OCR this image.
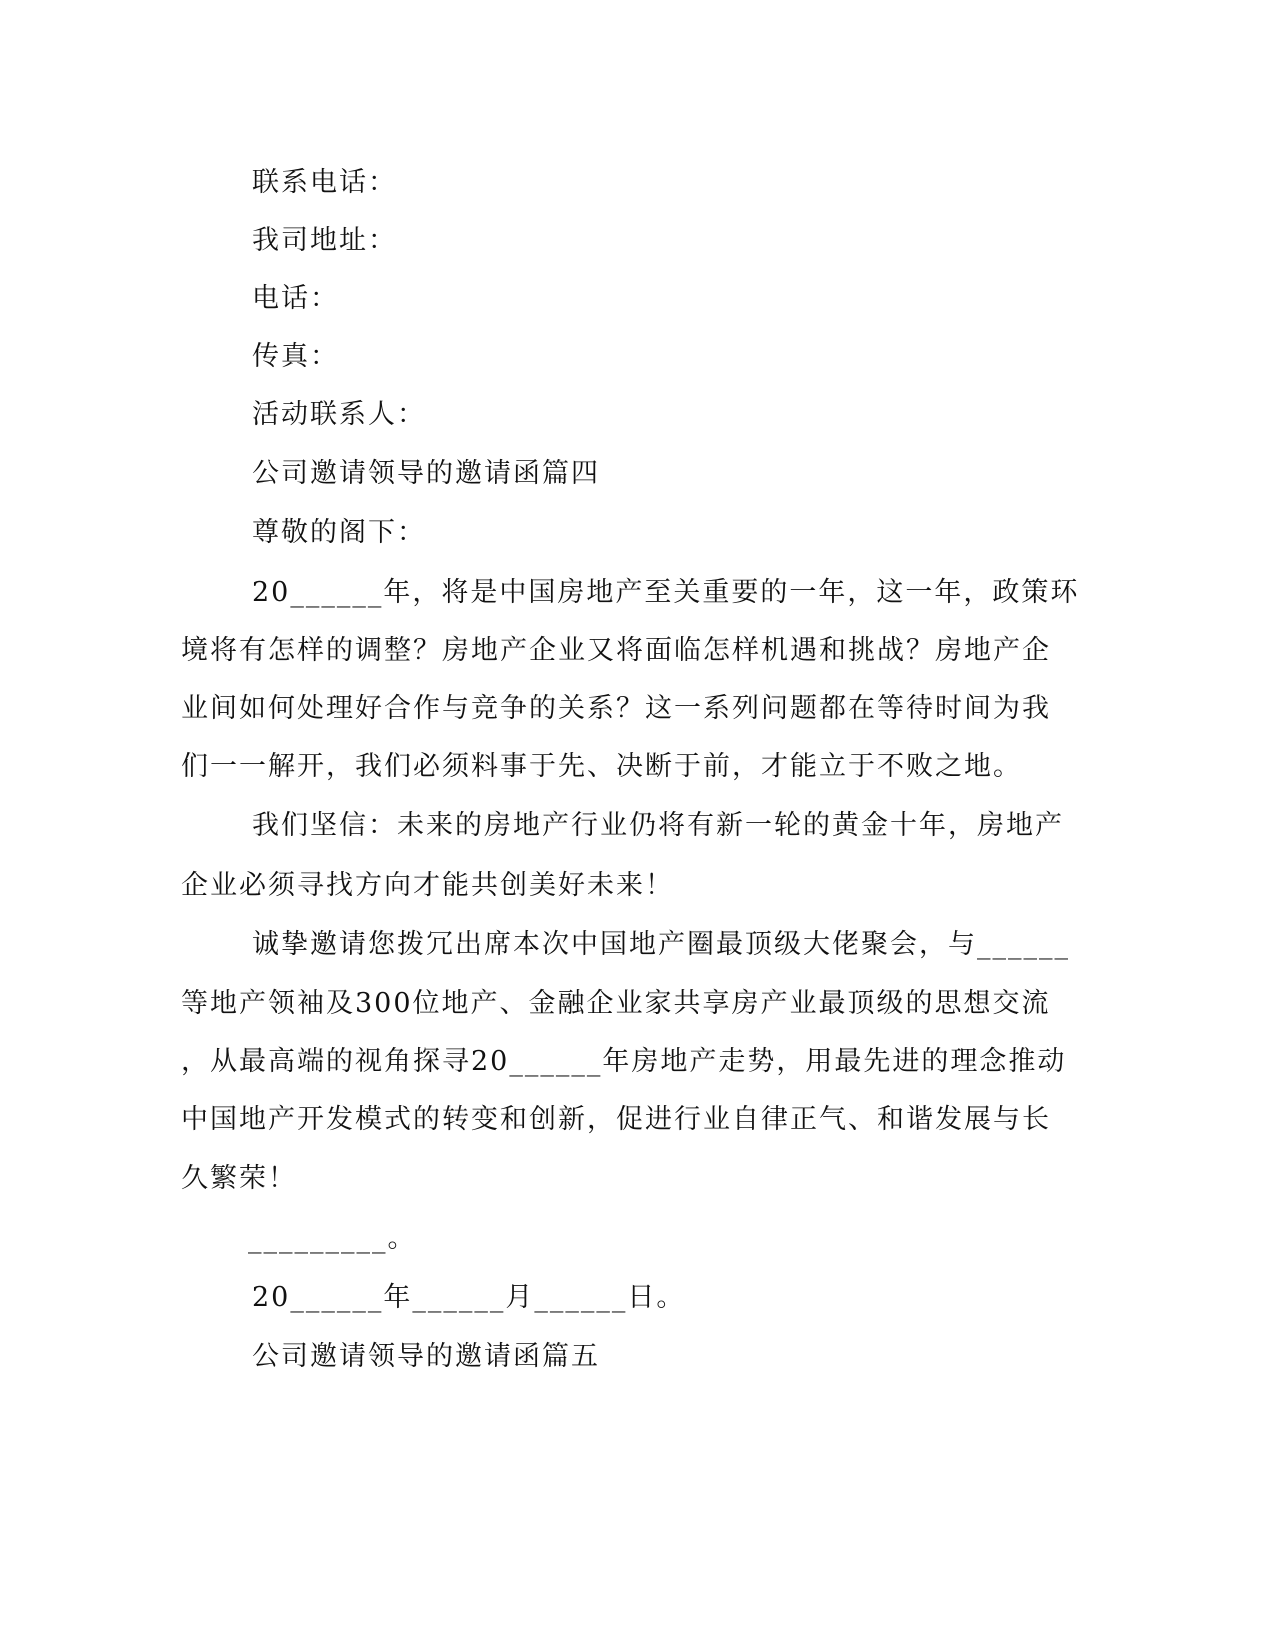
联系电话：
我司地址：
电话：
传真：
活动联系人：
公司邀请领导的邀请函篇四
尊敬的阁下：
20______年，将是中国房地产至关重要的一年，这一年，政策环
境将有怎样的调整？房地产企业又将面临怎样机遇和挑战？房地产企
业间如何处理好合作与竞争的关系？这一系列问题都在等待时间为我
们一一解开，我们必须料事于先、决断于前，才能立于不败之地。
我们坚信：未来的房地产行业仍将有新一轮的黄金十年，房地产
企业必须寻找方向才能共创美好未来！
诚挚邀请您拨冗出席本次中国地产圈最顶级大佬聚会，与______
等地产领袖及300位地产、金融企业家共享房产业最顶级的思想交流
，从最高端的视角探寻20______年房地产走势，用最先进的理念推动
中国地产开发模式的转变和创新，促进行业自律正气、和谐发展与长
久繁荣！
_________。
20______年______月______日。
公司邀请领导的邀请函篇五
